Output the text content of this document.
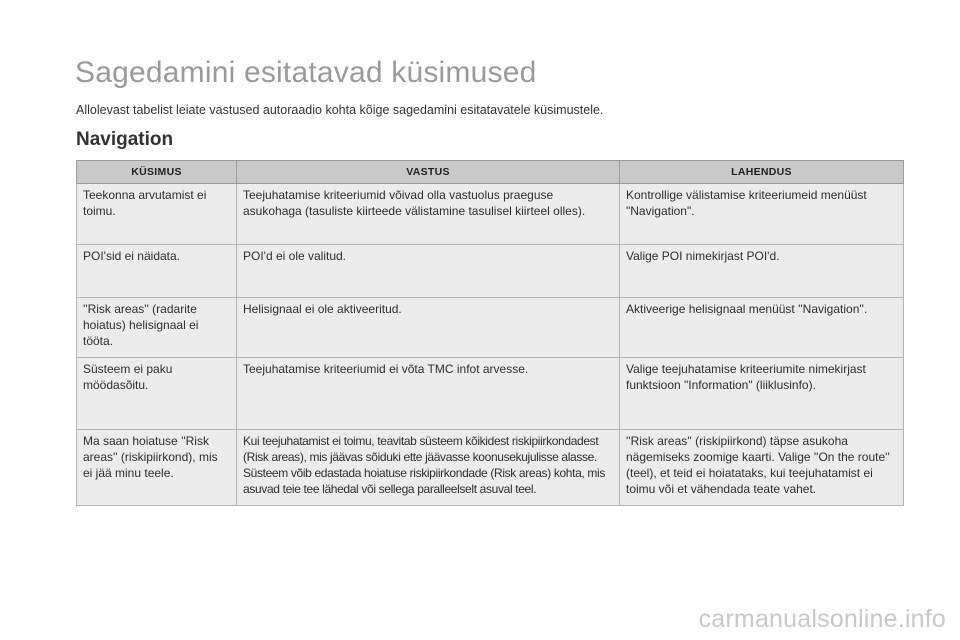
Sagedamini esitatavad küsimused
Allolevast tabelist leiate vastused autoraadio kohta kõige sagedamini esitatavatele küsimustele.
Navigation
KÜSIMUS	VASTUS	LAHENDUS
Teekonna arvutamist ei toimu.	Teejuhatamise kriteeriumid võivad olla vastuolus praeguse asukohaga (tasuliste kiirteede välistamine tasulisel kiirteel olles).	Kontrollige välistamise kriteeriumeid menüüst "Navigation".
POI'sid ei näidata.	POI'd ei ole valitud.	Valige POI nimekirjast POI'd.
''Risk areas'' (radarite hoiatus) helisignaal ei tööta.	Helisignaal ei ole aktiveeritud.	Aktiveerige helisignaal menüüst ''Navigation''.
Süsteem ei paku möödasõitu.	Teejuhatamise kriteeriumid ei võta TMC infot arvesse.	Valige teejuhatamise kriteeriumite nimekirjast funktsioon "Information" (liiklusinfo).
Ma saan hoiatuse ''Risk areas'' (riskipiirkond), mis ei jää minu teele.	Kui teejuhatamist ei toimu, teavitab süsteem kõikidest riskipiirkondadest (Risk areas), mis jäävas sõiduki ette jäävasse koonusekujulisse alasse. Süsteem võib edastada hoiatuse riskipiirkondade (Risk areas) kohta, mis asuvad teie tee lähedal või sellega paralleelselt asuval teel.	''Risk areas'' (riskipiirkond) täpse asukoha nägemiseks zoomige kaarti. Valige ''On the route'' (teel), et teid ei hoiatataks, kui teejuhatamist ei toimu või et vähendada teate vahet.
carmanualsonline.info
